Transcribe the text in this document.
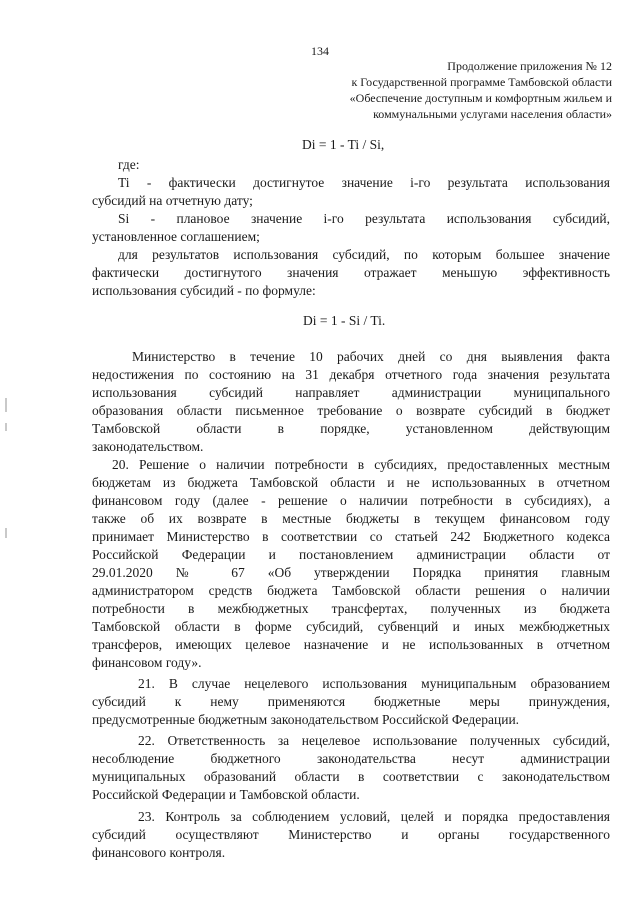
134
Продолжение приложения № 12
к Государственной программе Тамбовской области
«Обеспечение доступным и комфортным жильем и
коммунальными услугами населения области»
Di = 1 - Ti / Si,
где:
Ti - фактически достигнутое значение i-го результата использования
субсидий на отчетную дату;
Si - плановое значение i-го результата использования субсидий,
установленное соглашением;
для результатов использования субсидий, по которым большее значение
фактически достигнутого значения отражает меньшую эффективность
использования субсидий - по формуле:
Di = 1 - Si / Ti.
Министерство в течение 10 рабочих дней со дня выявления факта
недостижения по состоянию на 31 декабря отчетного года значения результата
использования субсидий направляет администрации муниципального
образования области письменное требование о возврате субсидий в бюджет
Тамбовской области в порядке, установленном действующим
законодательством.
20. Решение о наличии потребности в субсидиях, предоставленных местным
бюджетам из бюджета Тамбовской области и не использованных в отчетном
финансовом году (далее - решение о наличии потребности в субсидиях), а
также об их возврате в местные бюджеты в текущем финансовом году
принимает Министерство в соответствии со статьей 242 Бюджетного кодекса
Российской Федерации и постановлением администрации области от
29.01.2020 № 67 «Об утверждении Порядка принятия главным
администратором средств бюджета Тамбовской области решения о наличии
потребности в межбюджетных трансфертах, полученных из бюджета
Тамбовской области в форме субсидий, субвенций и иных межбюджетных
трансферов, имеющих целевое назначение и не использованных в отчетном
финансовом году».
21. В случае нецелевого использования муниципальным образованием
субсидий к нему применяются бюджетные меры принуждения,
предусмотренные бюджетным законодательством Российской Федерации.
22. Ответственность за нецелевое использование полученных субсидий,
несоблюдение бюджетного законодательства несут администрации
муниципальных образований области в соответствии с законодательством
Российской Федерации и Тамбовской области.
23. Контроль за соблюдением условий, целей и порядка предоставления
субсидий осуществляют Министерство и органы государственного
финансового контроля.
